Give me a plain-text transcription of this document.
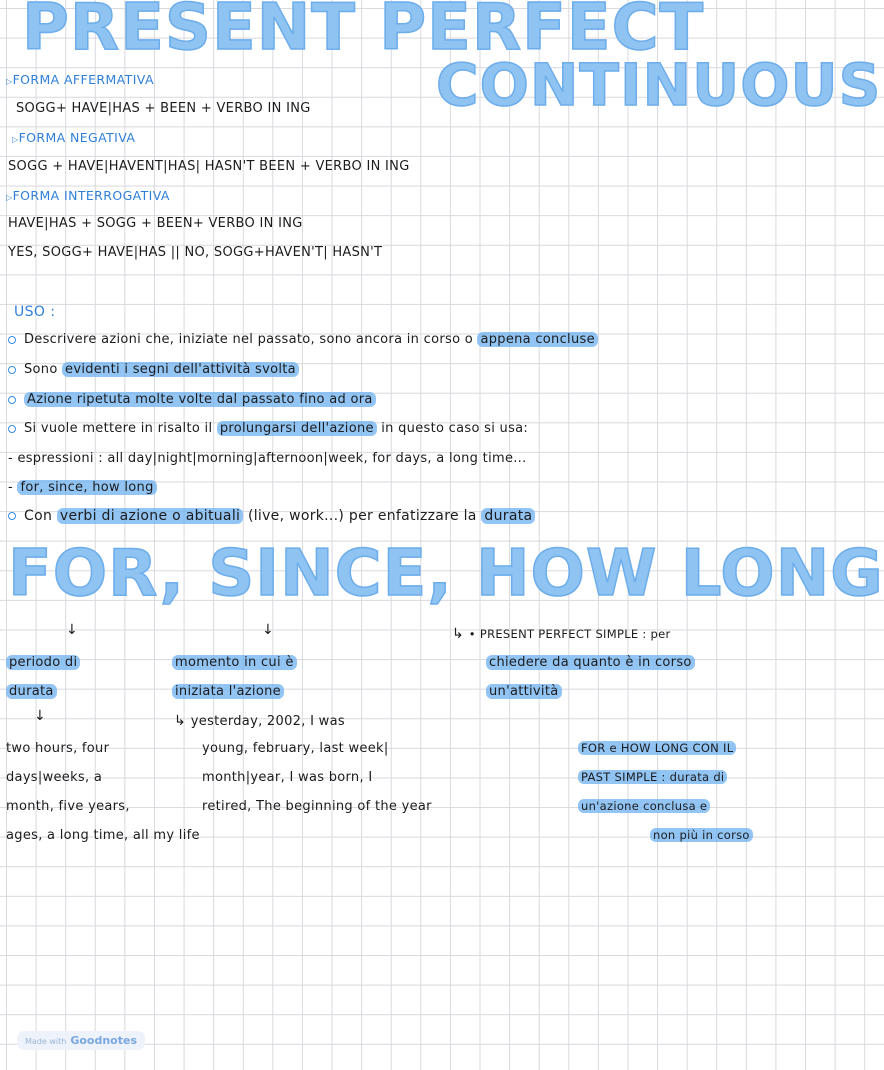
PRESENT PERFECT
CONTINUOUS
▷FORMA AFFERMATIVA
SOGG+ HAVE|HAS + BEEN + VERBO IN ING
▷FORMA NEGATIVA
SOGG + HAVE|HAVENT|HAS| HASN'T BEEN + VERBO IN ING
▷FORMA INTERROGATIVA
HAVE|HAS + SOGG + BEEN+ VERBO IN ING
YES, SOGG+ HAVE|HAS || NO, SOGG+HAVEN'T| HASN'T
USO :
Descrivere azioni che, iniziate nel passato, sono ancora in corso o appena concluse
Sono evidenti i segni dell'attività svolta
Azione ripetuta molte volte dal passato fino ad ora
Si vuole mettere in risalto il prolungarsi dell'azione in questo caso si usa:
- espressioni : all day|night|morning|afternoon|week, for days, a long time...
- for, since, how long
Con verbi di azione o abituali (live, work...) per enfatizzare la durata
FOR, SINCE, HOW LONG
↓	↓
periodo di
durata
↓
two hours, four
days|weeks, a
month, five years,
ages, a long time, all my life
momento in cui è
iniziata l'azione
↳ yesterday, 2002, I was
young, february, last week|
month|year, I was born, I
retired, The beginning of the year
↳ • PRESENT PERFECT SIMPLE : per
chiedere da quanto è in corso
un'attività
FOR e HOW LONG CON IL
PAST SIMPLE : durata di
un'azione conclusa e
non più in corso
Made with Goodnotes
